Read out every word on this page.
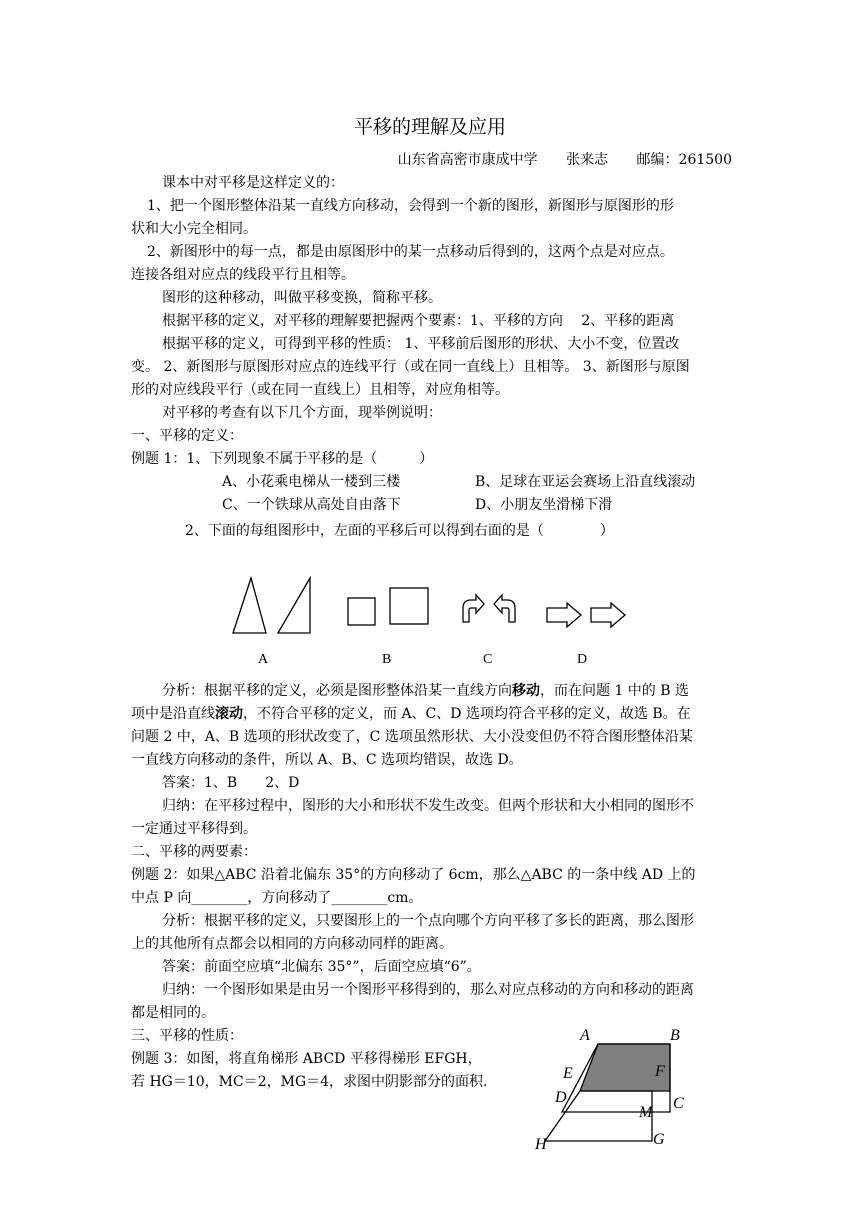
平移的理解及应用
山东省高密市康成中学 张来志 邮编：261500
课本中对平移是这样定义的：
1、把一个图形整体沿某一直线方向移动，会得到一个新的图形，新图形与原图形的形
状和大小完全相同。
2、新图形中的每一点，都是由原图形中的某一点移动后得到的，这两个点是对应点。
连接各组对应点的线段平行且相等。
图形的这种移动，叫做平移变换，简称平移。
根据平移的定义，对平移的理解要把握两个要素：1、平移的方向　 2、平移的距离
根据平移的定义，可得到平移的性质： 1、平移前后图形的形状、大小不变，位置改
变。 2、新图形与原图形对应点的连线平行（或在同一直线上）且相等。 3、新图形与原图
形的对应线段平行（或在同一直线上）且相等，对应角相等。
对平移的考查有以下几个方面，现举例说明：
一、平移的定义：
例题 1：1、下列现象不属于平移的是（　　　）
A、小花乘电梯从一楼到三楼	B、足球在亚运会赛场上沿直线滚动
C、一个铁球从高处自由落下	D、小朋友坐滑梯下滑
2、下面的每组图形中，左面的平移后可以得到右面的是（　　　　）
A	B	C	D
分析：根据平移的定义，必须是图形整体沿某一直线方向移动，而在问题 1 中的 B 选
项中是沿直线滚动，不符合平移的定义，而 A、C、D 选项均符合平移的定义，故选 B。在
问题 2 中，A、B 选项的形状改变了，C 选项虽然形状、大小没变但仍不符合图形整体沿某
一直线方向移动的条件，所以 A、B、C 选项均错误，故选 D。
答案：1、B　　2、D
归纳：在平移过程中，图形的大小和形状不发生改变。但两个形状和大小相同的图形不
一定通过平移得到。
二、平移的两要素：
例题 2：如果△ABC 沿着北偏东 35°的方向移动了 6cm，那么△ABC 的一条中线 AD 上的
中点 P 向________，方向移动了________cm。
分析：根据平移的定义，只要图形上的一个点向哪个方向平移了多长的距离，那么图形
上的其他所有点都会以相同的方向移动同样的距离。
答案：前面空应填“北偏东 35°”，后面空应填“6”。
归纳：一个图形如果是由另一个图形平移得到的，那么对应点移动的方向和移动的距离
都是相同的。
三、平移的性质：
例题 3：如图，将直角梯形 ABCD 平移得梯形 EFGH，
若 HG＝10，MC＝2，MG＝4，求图中阴影部分的面积.
A	B
E	F
D
M
C
H	G
